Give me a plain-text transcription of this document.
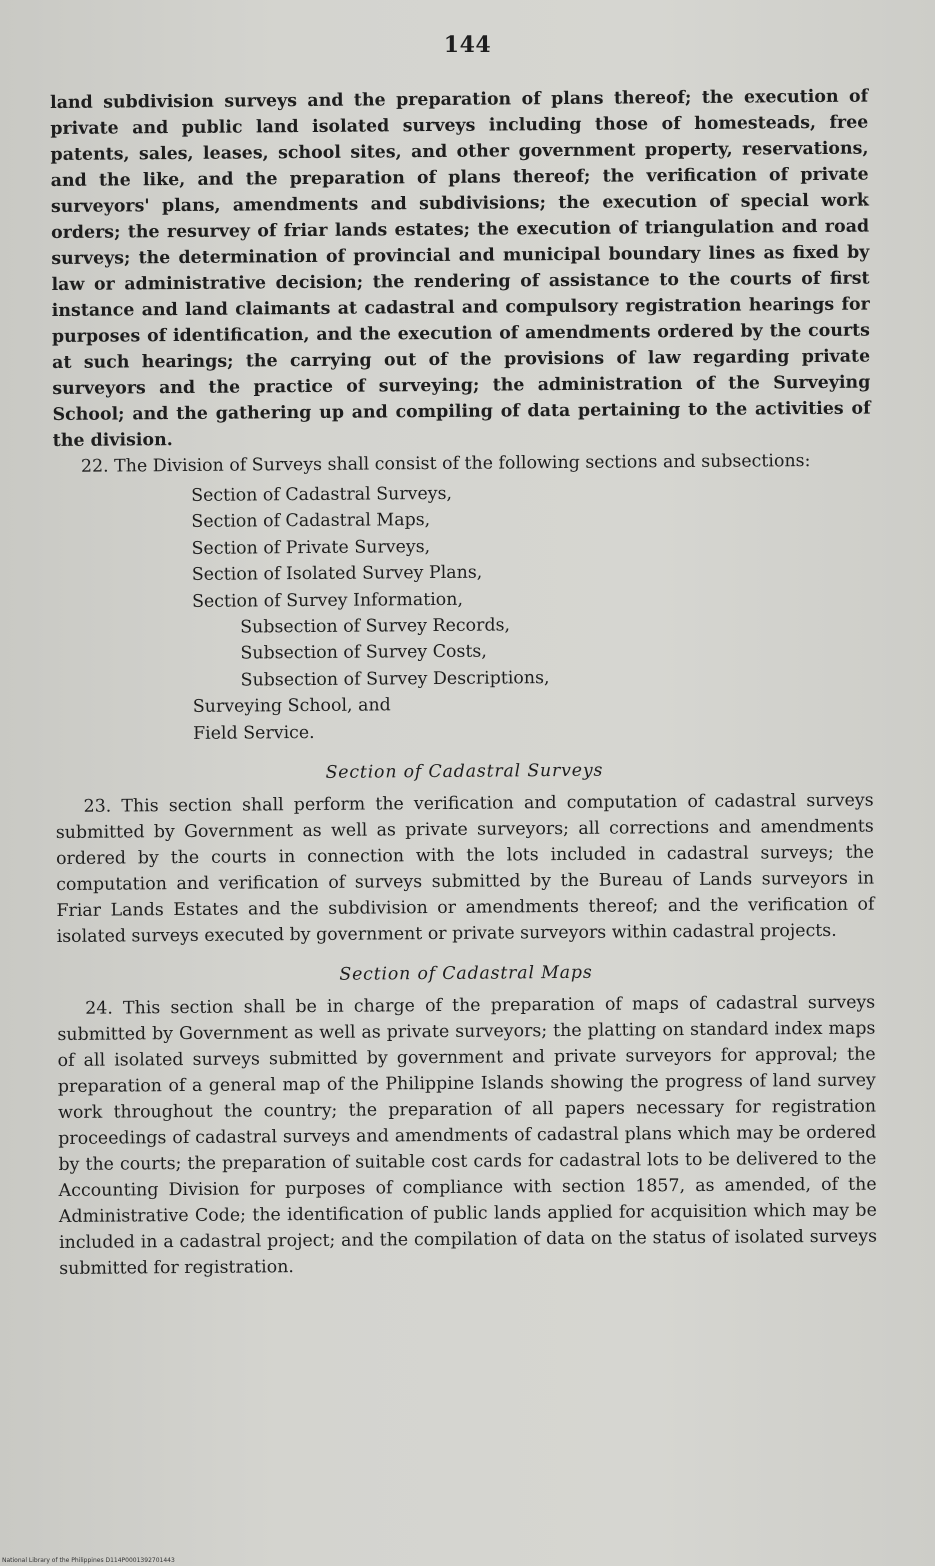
144

land subdivision surveys and the preparation of plans thereof; the execution of private and public land isolated surveys including those of homesteads, free patents, sales, leases, school sites, and other government property, reservations, and the like, and the preparation of plans thereof; the verification of private surveyors' plans, amendments and subdivisions; the execution of special work orders; the resurvey of friar lands estates; the execution of triangulation and road surveys; the determination of provincial and municipal boundary lines as fixed by law or administrative decision; the rendering of assistance to the courts of first instance and land claimants at cadastral and compulsory registration hearings for purposes of identification, and the execution of amendments ordered by the courts at such hearings; the carrying out of the provisions of law regarding private surveyors and the practice of surveying; the administration of the Surveying School; and the gathering up and compiling of data pertaining to the activities of the division.

22. The Division of Surveys shall consist of the following sections and subsections:

Section of Cadastral Surveys,
Section of Cadastral Maps,
Section of Private Surveys,
Section of Isolated Survey Plans,
Section of Survey Information,
Subsection of Survey Records,
Subsection of Survey Costs,
Subsection of Survey Descriptions,
Surveying School, and
Field Service.
Section of Cadastral Surveys

23. This section shall perform the verification and computation of cadastral surveys submitted by Government as well as private surveyors; all corrections and amendments ordered by the courts in connection with the lots included in cadastral surveys; the computation and verification of surveys submitted by the Bureau of Lands surveyors in Friar Lands Estates and the subdivision or amendments thereof; and the verification of isolated surveys executed by government or private surveyors within cadastral projects.

Section of Cadastral Maps

24. This section shall be in charge of the preparation of maps of cadastral surveys submitted by Government as well as private surveyors; the platting on standard index maps of all isolated surveys submitted by government and private surveyors for approval; the preparation of a general map of the Philippine Islands showing the progress of land survey work throughout the country; the preparation of all papers necessary for registration proceedings of cadastral surveys and amendments of cadastral plans which may be ordered by the courts; the preparation of suitable cost cards for cadastral lots to be delivered to the Accounting Division for purposes of compliance with section 1857, as amended, of the Administrative Code; the identification of public lands applied for acquisition which may be included in a cadastral project; and the compilation of data on the status of isolated surveys submitted for registration.

National Library of the Philippines D114P0001392701443
